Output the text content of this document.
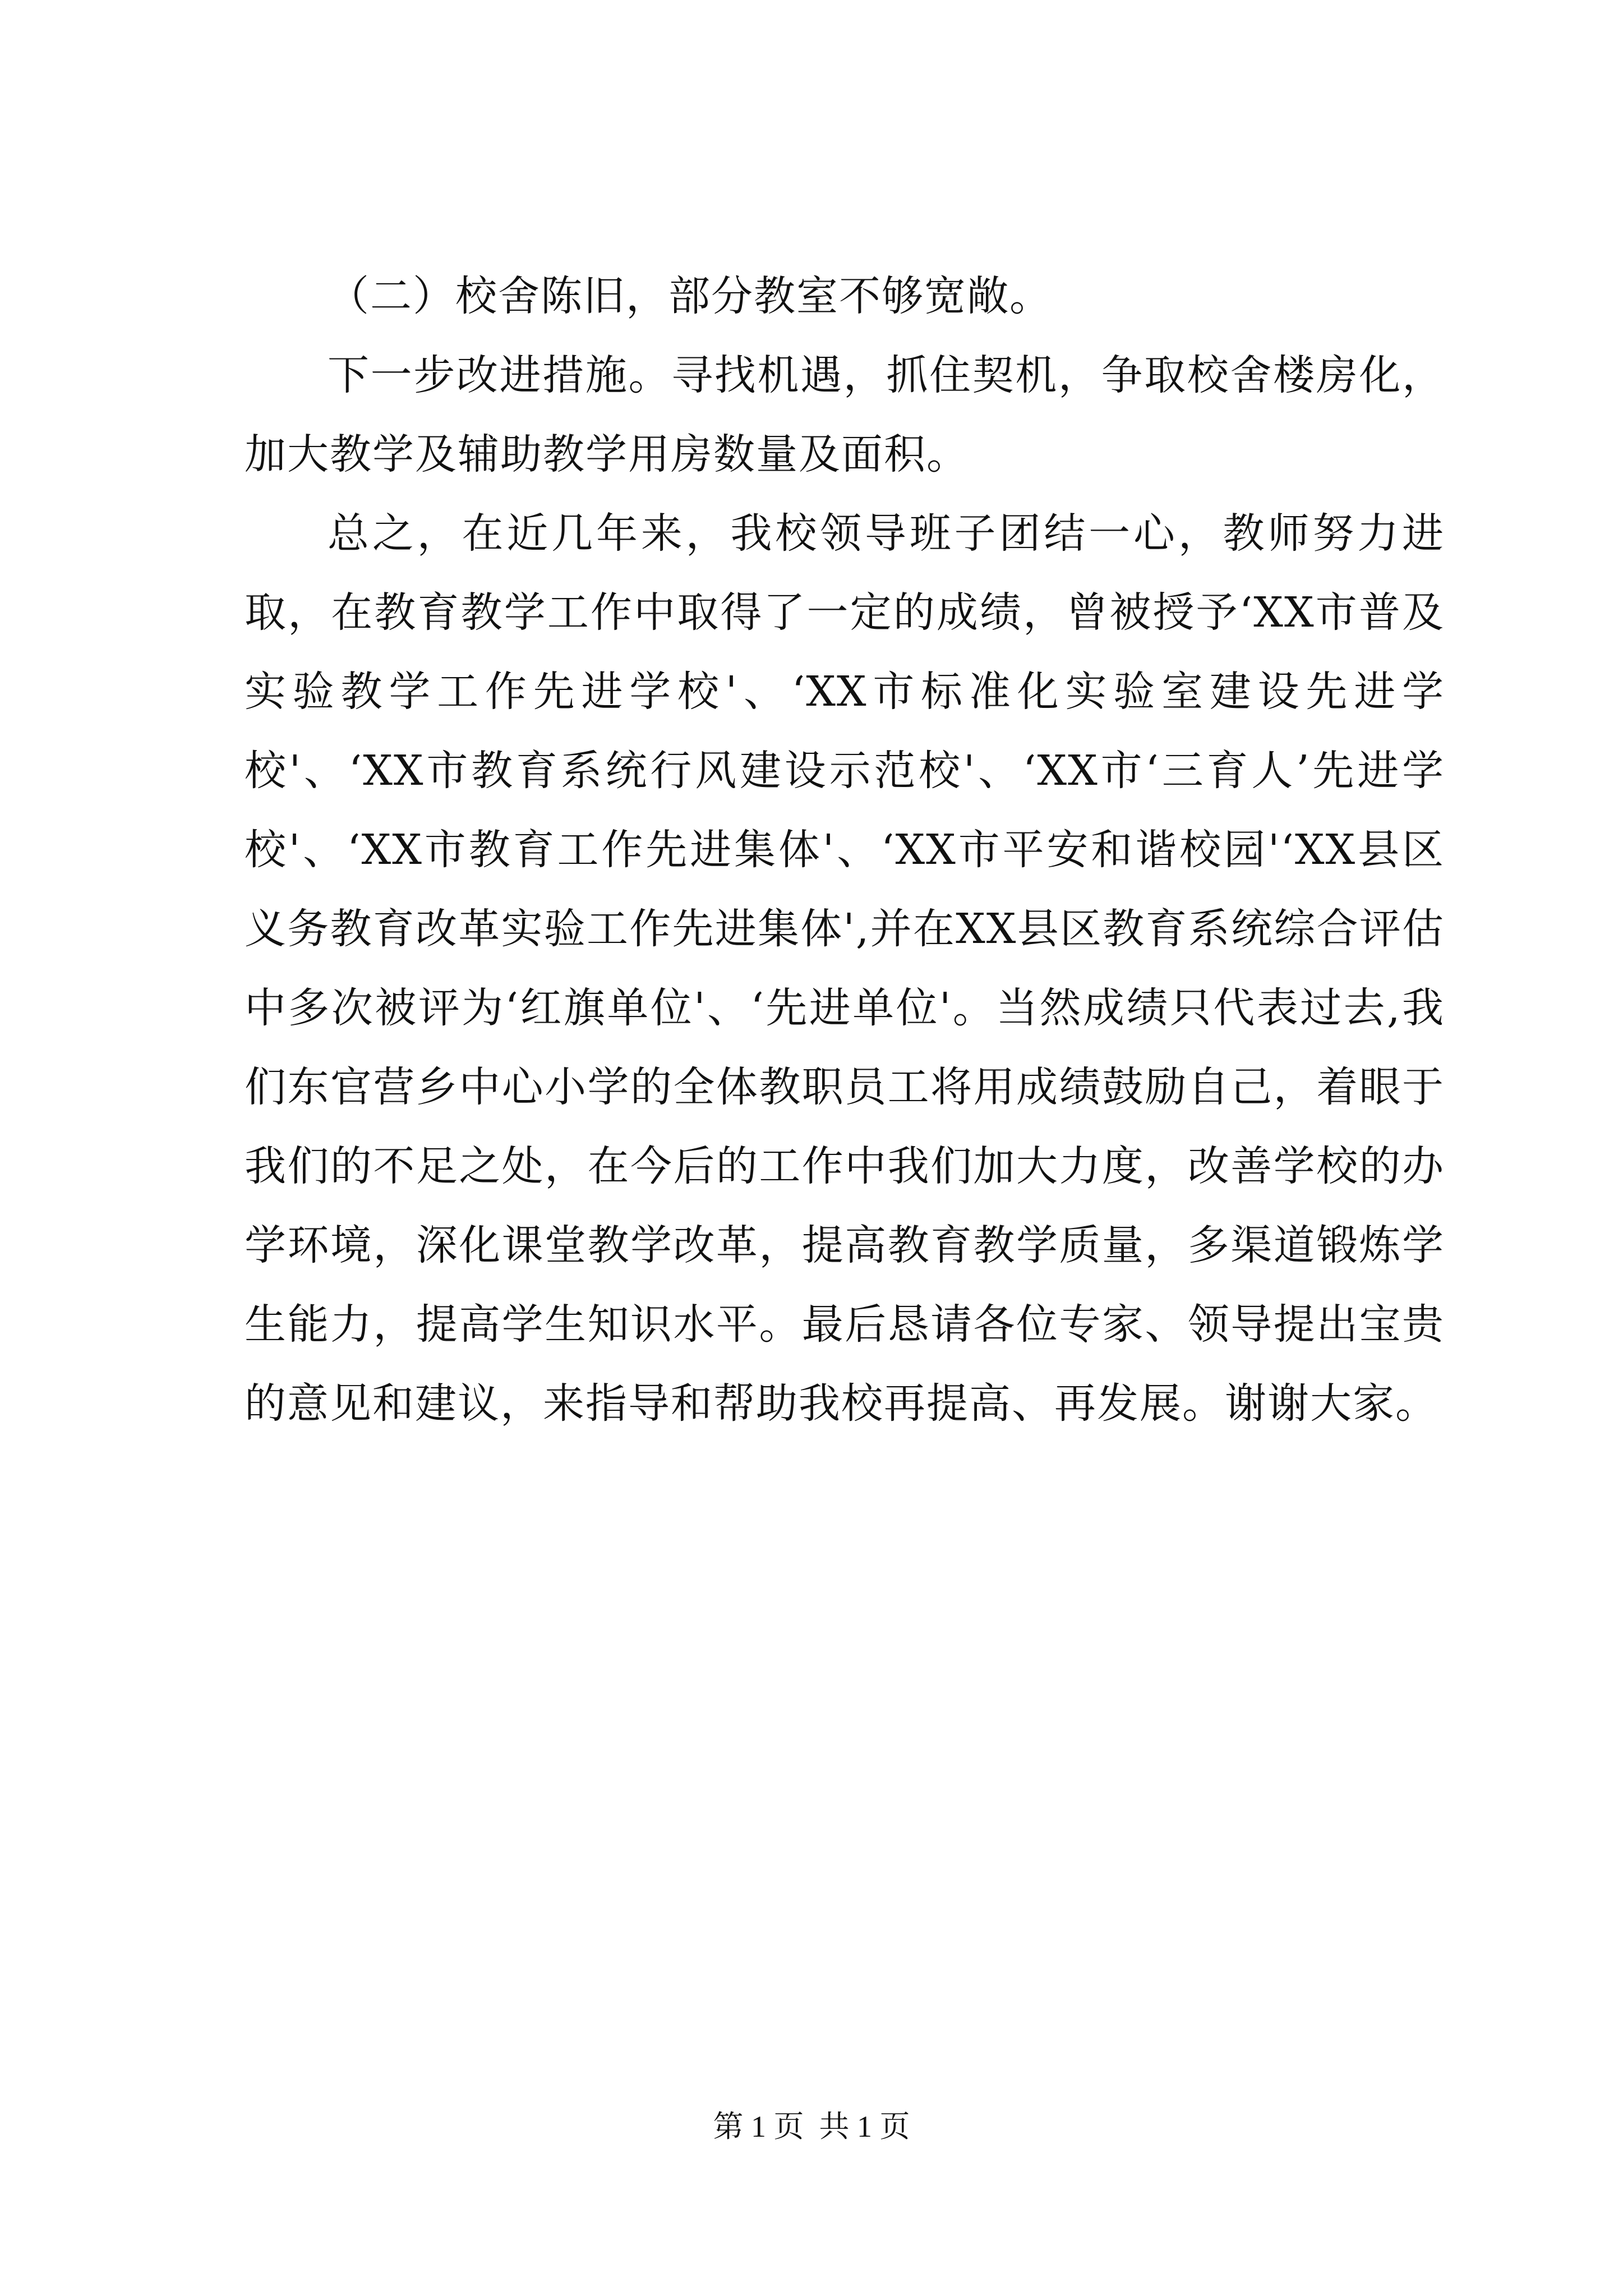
（二）校舍陈旧，部分教室不够宽敞。

下一步改进措施。寻找机遇，抓住契机，争取校舍楼房化，加大教学及辅助教学用房数量及面积。

总之，在近几年来，我校领导班子团结一心，教师努力进取，在教育教学工作中取得了一定的成绩，曾被授予‘XX市普及实验教学工作先进学校'、‘XX市标准化实验室建设先进学校'、‘XX市教育系统行风建设示范校'、‘XX市‘三育人’先进学校'、‘XX市教育工作先进集体'、‘XX市平安和谐校园'‘XX县区义务教育改革实验工作先进集体',并在XX县区教育系统综合评估中多次被评为‘红旗单位'、‘先进单位'。当然成绩只代表过去,我们东官营乡中心小学的全体教职员工将用成绩鼓励自己，着眼于我们的不足之处，在今后的工作中我们加大力度，改善学校的办学环境，深化课堂教学改革，提高教育教学质量，多渠道锻炼学生能力，提高学生知识水平。最后恳请各位专家、领导提出宝贵的意见和建议，来指导和帮助我校再提高、再发展。谢谢大家。

第 1 页  共 1 页
